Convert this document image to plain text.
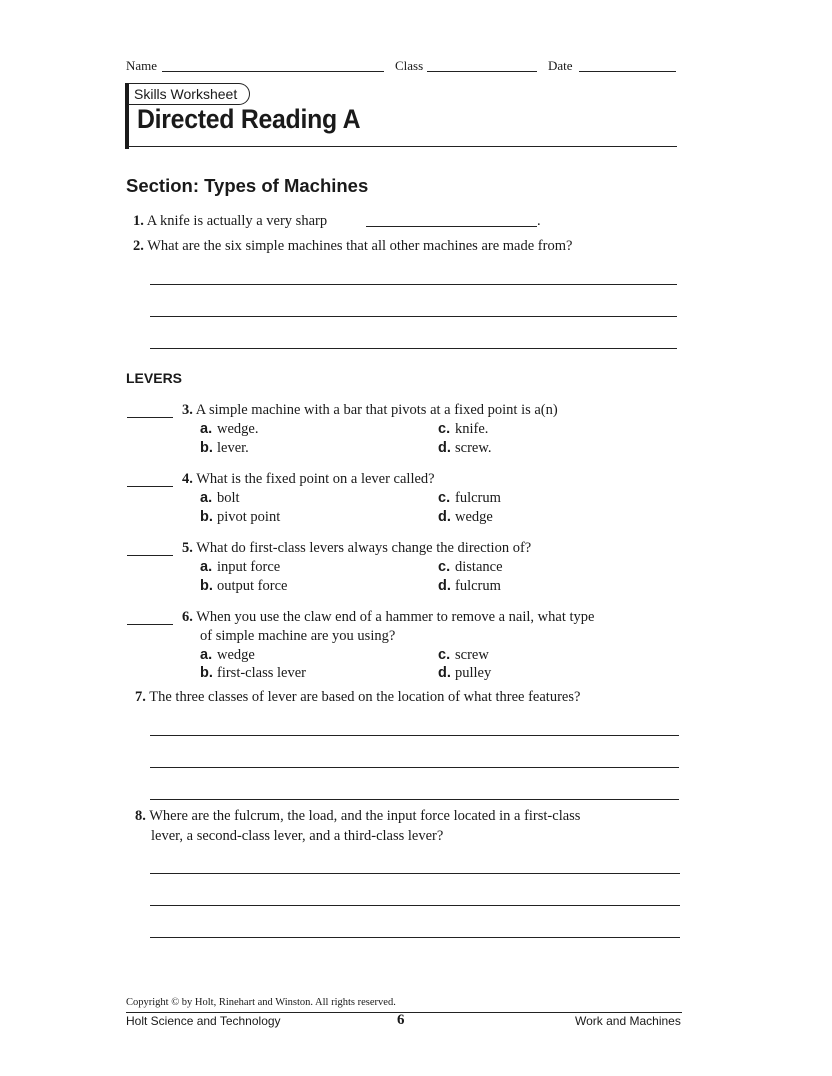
Name	Class	Date
Skills Worksheet
Directed Reading A
Section: Types of Machines
1. A knife is actually a very sharp	.
2. What are the six simple machines that all other machines are made from?
LEVERS
3. A simple machine with a bar that pivots at a fixed point is a(n)
a. wedge.
b. lever.
c. knife.
d. screw.
4. What is the fixed point on a lever called?
a. bolt
b. pivot point
c. fulcrum
d. wedge
5. What do first-class levers always change the direction of?
a. input force
b. output force
c. distance
d. fulcrum
6. When you use the claw end of a hammer to remove a nail, what type
of simple machine are you using?
a. wedge
b. first-class lever
c. screw
d. pulley
7. The three classes of lever are based on the location of what three features?
8. Where are the fulcrum, the load, and the input force located in a first-class
lever, a second-class lever, and a third-class lever?
Copyright © by Holt, Rinehart and Winston. All rights reserved.
Holt Science and Technology	6	Work and Machines
